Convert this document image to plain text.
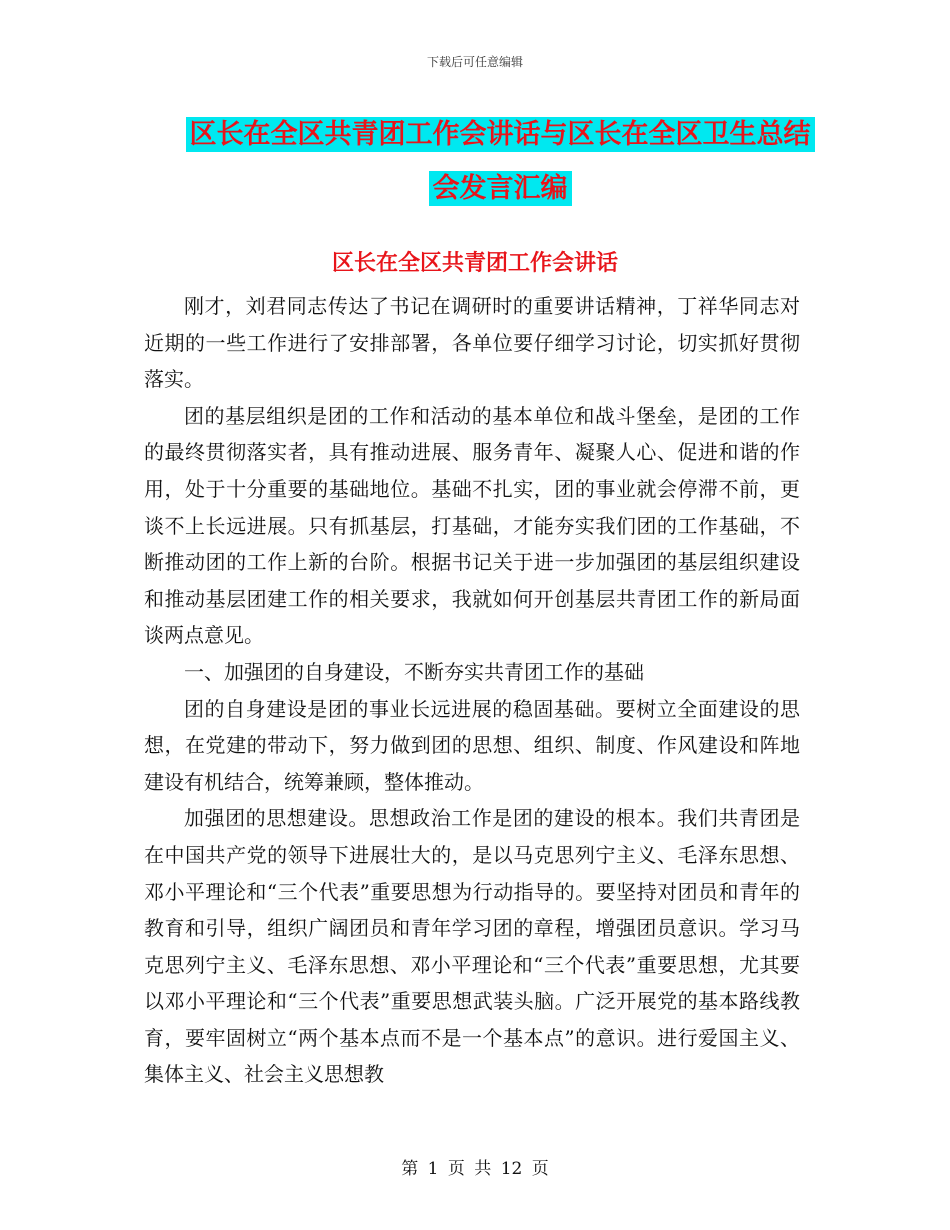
下载后可任意编辑
区长在全区共青团工作会讲话与区长在全区卫生总结
会发言汇编
区长在全区共青团工作会讲话

刚才，刘君同志传达了书记在调研时的重要讲话精神，丁祥华同志对近期的一些工作进行了安排部署，各单位要仔细学习讨论，切实抓好贯彻落实。

团的基层组织是团的工作和活动的基本单位和战斗堡垒，是团的工作的最终贯彻落实者，具有推动进展、服务青年、凝聚人心、促进和谐的作用，处于十分重要的基础地位。基础不扎实，团的事业就会停滞不前，更谈不上长远进展。只有抓基层，打基础，才能夯实我们团的工作基础，不断推动团的工作上新的台阶。根据书记关于进一步加强团的基层组织建设和推动基层团建工作的相关要求，我就如何开创基层共青团工作的新局面谈两点意见。

一、加强团的自身建设，不断夯实共青团工作的基础

团的自身建设是团的事业长远进展的稳固基础。要树立全面建设的思想，在党建的带动下，努力做到团的思想、组织、制度、作风建设和阵地建设有机结合，统筹兼顾，整体推动。

加强团的思想建设。思想政治工作是团的建设的根本。我们共青团是在中国共产党的领导下进展壮大的，是以马克思列宁主义、毛泽东思想、邓小平理论和“三个代表”重要思想为行动指导的。要坚持对团员和青年的教育和引导，组织广阔团员和青年学习团的章程，增强团员意识。学习马克思列宁主义、毛泽东思想、邓小平理论和“三个代表”重要思想，尤其要以邓小平理论和“三个代表”重要思想武装头脑。广泛开展党的基本路线教育，要牢固树立“两个基本点而不是一个基本点”的意识。进行爱国主义、集体主义、社会主义思想教

第 1 页 共 12 页
